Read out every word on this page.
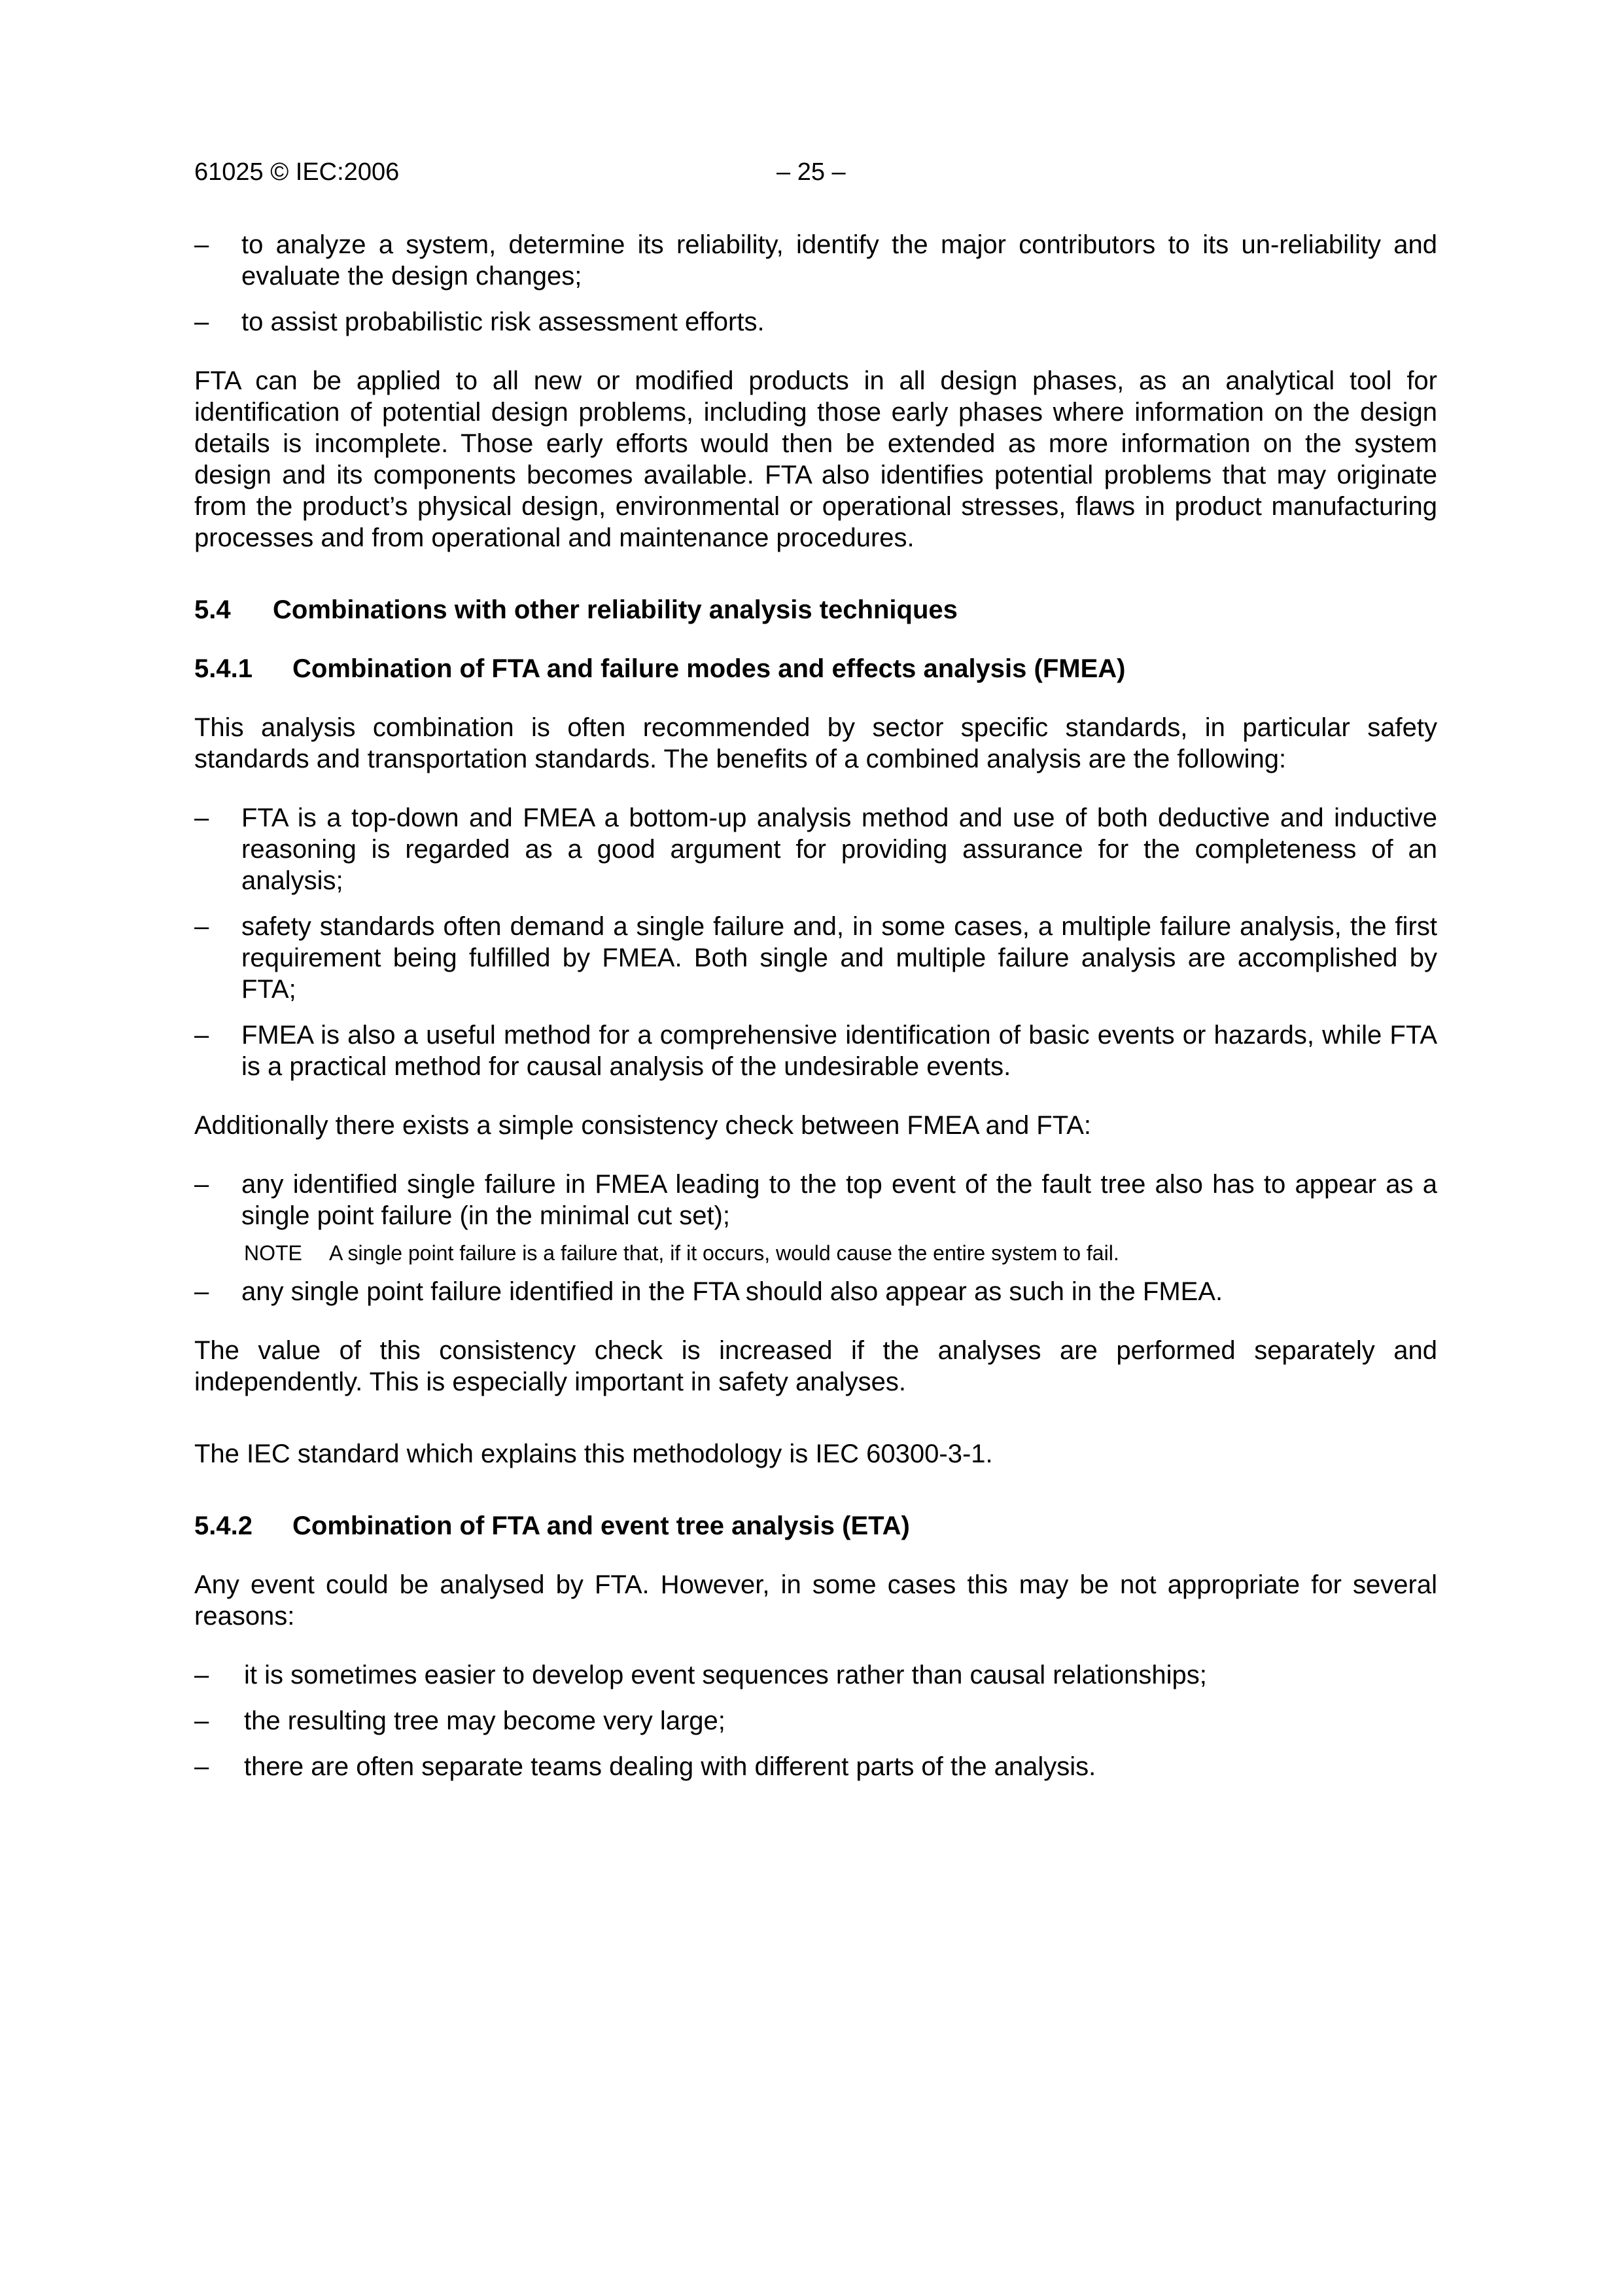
61025 © IEC:2006	– 25 –
– to analyze a system, determine its reliability, identify the major contributors to its un-reliability and evaluate the design changes;
– to assist probabilistic risk assessment efforts.

FTA can be applied to all new or modified products in all design phases, as an analytical tool for identification of potential design problems, including those early phases where information on the design details is incomplete. Those early efforts would then be extended as more information on the system design and its components becomes available. FTA also identifies potential problems that may originate from the product’s physical design, environmental or operational stresses, flaws in product manufacturing processes and from operational and maintenance procedures.

5.4 Combinations with other reliability analysis techniques
5.4.1 Combination of FTA and failure modes and effects analysis (FMEA)

This analysis combination is often recommended by sector specific standards, in particular safety standards and transportation standards. The benefits of a combined analysis are the following:

– FTA is a top-down and FMEA a bottom-up analysis method and use of both deductive and inductive reasoning is regarded as a good argument for providing assurance for the completeness of an analysis;
– safety standards often demand a single failure and, in some cases, a multiple failure analysis, the first requirement being fulfilled by FMEA. Both single and multiple failure analysis are accomplished by FTA;
– FMEA is also a useful method for a comprehensive identification of basic events or hazards, while FTA is a practical method for causal analysis of the undesirable events.

Additionally there exists a simple consistency check between FMEA and FTA:

– any identified single failure in FMEA leading to the top event of the fault tree also has to appear as a single point failure (in the minimal cut set);
NOTE A single point failure is a failure that, if it occurs, would cause the entire system to fail.
– any single point failure identified in the FTA should also appear as such in the FMEA.

The value of this consistency check is increased if the analyses are performed separately and independently. This is especially important in safety analyses.

The IEC standard which explains this methodology is IEC 60300-3-1.

5.4.2 Combination of FTA and event tree analysis (ETA)

Any event could be analysed by FTA. However, in some cases this may be not appropriate for several reasons:

– it is sometimes easier to develop event sequences rather than causal relationships;
– the resulting tree may become very large;
– there are often separate teams dealing with different parts of the analysis.
